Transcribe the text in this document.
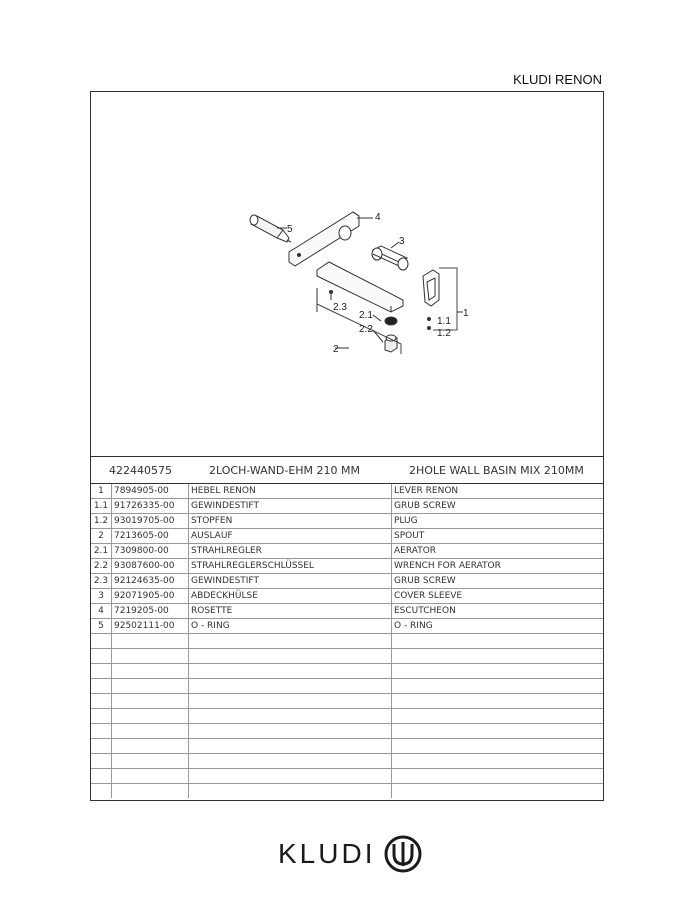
KLUDI RENON
5
4
3
2.3
2.1
2.2
2
1.1
1.2
1
422440575	2LOCH-WAND-EHM 210 MM	2HOLE WALL BASIN MIX 210MM
1	7894905-00	HEBEL RENON	LEVER RENON
1.1	91726335-00	GEWINDESTIFT	GRUB SCREW
1.2	93019705-00	STOPFEN	PLUG
2	7213605-00	AUSLAUF	SPOUT
2.1	7309800-00	STRAHLREGLER	AERATOR
2.2	93087600-00	STRAHLREGLERSCHLÜSSEL	WRENCH FOR AERATOR
2.3	92124635-00	GEWINDESTIFT	GRUB SCREW
3	92071905-00	ABDECKHÜLSE	COVER SLEEVE
4	7219205-00	ROSETTE	ESCUTCHEON
5	92502111-00	O - RING	O - RING

KLUDI
